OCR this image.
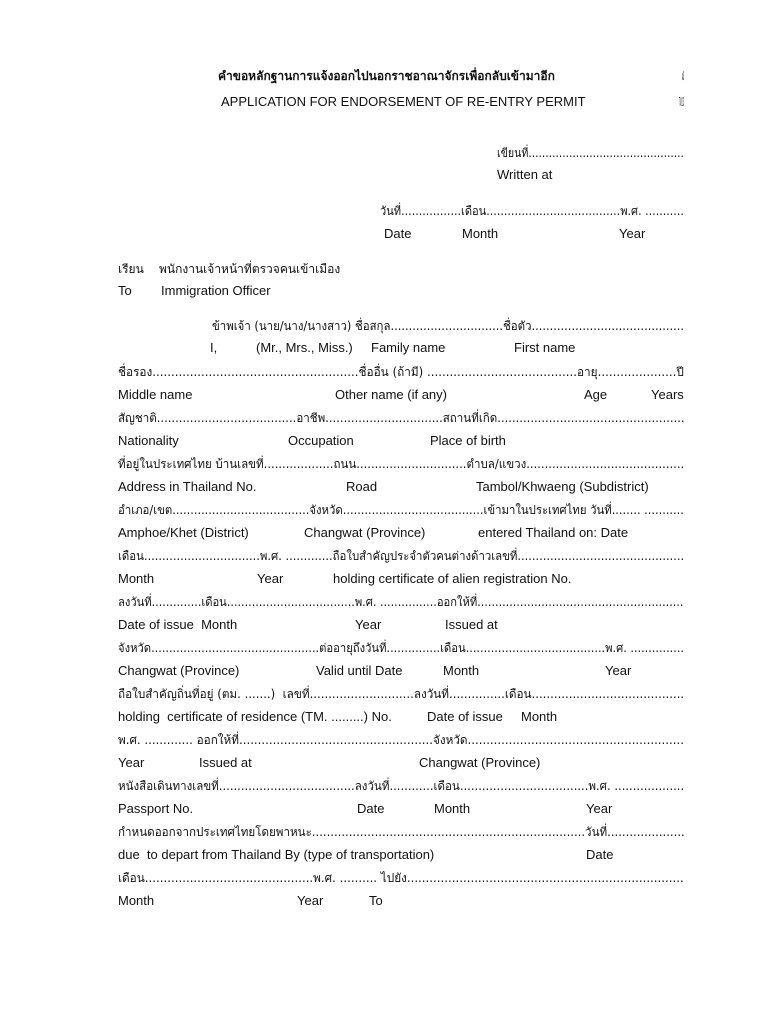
คำขอหลักฐานการแจ้งออกไปนอกราชอาณาจักรเพื่อกลับเข้ามาอีก
APPLICATION FOR ENDORSEMENT OF RE-ENTRY PERMIT
ตม.13
TM.13
เขียนที่..............................................
Written at
วันที่.................เดือน......................................พ.ศ. ...........
Date	Month	Year
เรียน พนักงานเจ้าหน้าที่ตรวจคนเข้าเมือง
To Immigration Officer
ข้าพเจ้า (นาย/นาง/นางสาว) ชื่อสกุล...............................ชื่อตัว..........................................
I,	(Mr., Mrs., Miss.) Family name	First name
ชื่อรอง.......................................................ชื่ออื่น (ถ้ามี) ........................................อายุ.....................ปี
Middle name	Other name (if any)	Age	Years
สัญชาติ......................................อาชีพ................................สถานที่เกิด...................................................
Nationality	Occupation	Place of birth
ที่อยู่ในประเทศไทย บ้านเลขที่...................ถนน..............................ตำบล/แขวง...........................................
Address in Thailand No.	Road	Tambol/Khwaeng (Subdistrict)
อำเภอ/เขต......................................จังหวัด.......................................เข้ามาในประเทศไทย วันที่........ ...........
Amphoe/Khet (District)	Changwat (Province)	entered Thailand on: Date
เดือน................................พ.ศ. .............ถือใบสำคัญประจำตัวคนต่างด้าวเลขที่..............................................
Month	Year	holding certificate of alien registration No.
ลงวันที่..............เดือน....................................พ.ศ. ................ออกให้ที่..........................................................
Date of issue  Month	Year	Issued at
จังหวัด...............................................ต่ออายุถึงวันที่...............เดือน.......................................พ.ศ. ...............
Changwat (Province)	Valid until Date	Month	Year
ถือใบสำคัญถิ่นที่อยู่ (ตม. .......)  เลขที่............................ลงวันที่...............เดือน.........................................
holding  certificate of residence (TM. .........) No.	Date of issue Month
พ.ศ. ............. ออกให้ที่....................................................จังหวัด..........................................................
Year	Issued at	Changwat (Province)
หนังสือเดินทางเลขที่.....................................ลงวันที่............เดือน...................................พ.ศ. ...................
Passport No.	Date	Month	Year
กำหนดออกจากประเทศไทยโดยพาหนะ..........................................................................วันที่.....................
due  to depart from Thailand By (type of transportation)	Date
เดือน.............................................พ.ศ. .......... ไปยัง..........................................................................
Month	Year	To
